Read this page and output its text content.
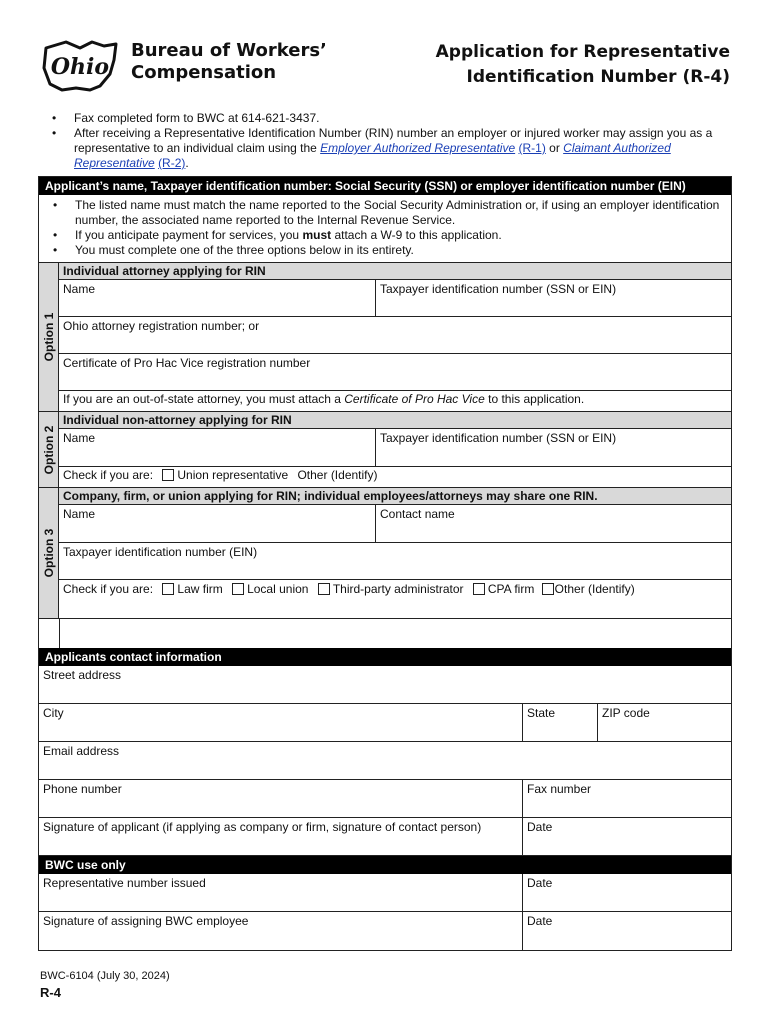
Ohio
Bureau of Workers’
Compensation
Application for Representative
Identification Number (R-4)
• Fax completed form to BWC at 614-621-3437.
• After receiving a Representative Identification Number (RIN) number an employer or injured worker may assign you as a representative to an individual claim using the Employer Authorized Representative (R-1) or Claimant Authorized Representative (R-2).
Applicant’s name, Taxpayer identification number: Social Security (SSN) or employer identification number (EIN)
• The listed name must match the name reported to the Social Security Administration or, if using an employer identification number, the associated name reported to the Internal Revenue Service.
• If you anticipate payment for services, you must attach a W-9 to this application.
• You must complete one of the three options below in its entirety.
Option 1
Individual attorney applying for RIN
Name	Taxpayer identification number (SSN or EIN)
Ohio attorney registration number; or
Certificate of Pro Hac Vice registration number
If you are an out-of-state attorney, you must attach a Certificate of Pro Hac Vice to this application.
Option 2
Individual non-attorney applying for RIN
Name	Taxpayer identification number (SSN or EIN)
Check if you are: Union representative Other (Identify)
Option 3
Company, firm, or union applying for RIN; individual employees/attorneys may share one RIN.
Name	Contact name
Taxpayer identification number (EIN)
Check if you are: Law firm Local union Third-party administrator CPA firm Other (Identify)
Applicants contact information
Street address
City	State	ZIP code
Email address
Phone number	Fax number
Signature of applicant (if applying as company or firm, signature of contact person)	Date
BWC use only
Representative number issued	Date
Signature of assigning BWC employee	Date
BWC-6104 (July 30, 2024)
R-4
